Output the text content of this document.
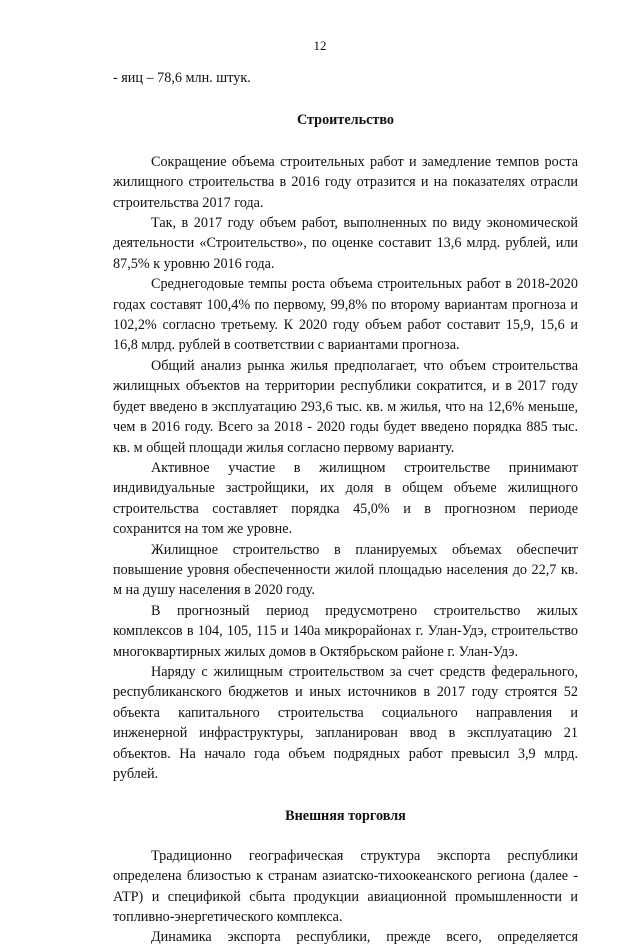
12

- яиц – 78,6 млн. штук.

Строительство

Сокращение объема строительных работ и замедление темпов роста жилищного строительства в 2016 году отразится и на показателях отрасли строительства 2017 года.

Так, в 2017 году объем работ, выполненных по виду экономической деятельности «Строительство», по оценке составит 13,6 млрд. рублей, или 87,5% к уровню 2016 года.

Среднегодовые темпы роста объема строительных работ в 2018-2020 годах составят 100,4% по первому, 99,8% по второму вариантам прогноза и 102,2% согласно третьему. К 2020 году объем работ составит 15,9, 15,6 и 16,8 млрд. рублей в соответствии с вариантами прогноза.

Общий анализ рынка жилья предполагает, что объем строительства жилищных объектов на территории республики сократится, и в 2017 году будет введено в эксплуатацию 293,6 тыс. кв. м жилья, что на 12,6% меньше, чем в 2016 году. Всего за 2018 - 2020 годы будет введено порядка 885 тыс. кв. м общей площади жилья согласно первому варианту.

Активное участие в жилищном строительстве принимают индивидуальные застройщики, их доля в общем объеме жилищного строительства составляет порядка 45,0% и в прогнозном периоде сохранится на том же уровне.

Жилищное строительство в планируемых объемах обеспечит повышение уровня обеспеченности жилой площадью населения до 22,7 кв. м на душу населения в 2020 году.

В прогнозный период предусмотрено строительство жилых комплексов в 104, 105, 115 и 140а микрорайонах г. Улан-Удэ, строительство многоквартирных жилых домов в Октябрьском районе г. Улан-Удэ.

Наряду с жилищным строительством за счет средств федерального, республиканского бюджетов и иных источников в 2017 году строятся 52 объекта капитального строительства социального направления и инженерной инфраструктуры, запланирован ввод в эксплуатацию 21 объектов. На начало года объем подрядных работ превысил 3,9 млрд. рублей.

Внешняя торговля

Традиционно географическая структура экспорта республики определена близостью к странам азиатско-тихоокеанского региона (далее - АТР) и спецификой сбыта продукции авиационной промышленности и топливно-энергетического комплекса.

Динамика экспорта республики, прежде всего, определяется
